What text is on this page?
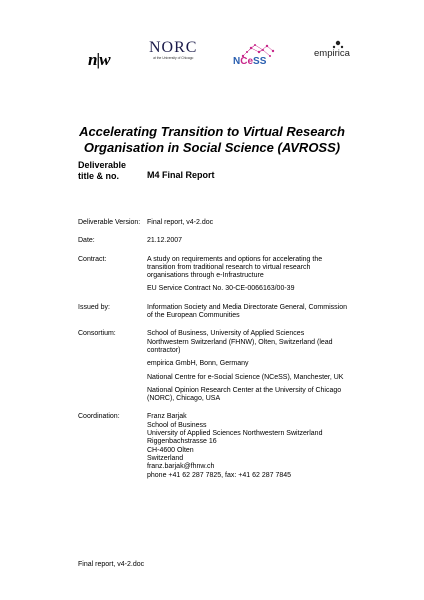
n|w
NORC
at the University of Chicago	NCeSS
empirica
Accelerating Transition to Virtual Research Organisation in Social Science (AVROSS)
Deliverable title & no.	M4 Final Report
Deliverable Version: Final report, v4-2.doc
Date:	21.12.2007
Contract:	A study on requirements and options for accelerating the transition from traditional research to virtual research organisations through e-Infrastructure
EU Service Contract No. 30-CE-0066163/00-39
Issued by:	Information Society and Media Directorate General, Commission of the European Communities
Consortium:	School of Business, University of Applied Sciences Northwestern Switzerland (FHNW), Olten, Switzerland (lead contractor)
empirica GmbH, Bonn, Germany
National Centre for e-Social Science (NCeSS), Manchester, UK
National Opinion Research Center at the University of Chicago (NORC), Chicago, USA
Coordination:	Franz Barjak
School of Business
University of Applied Sciences Northwestern Switzerland
Riggenbachstrasse 16
CH-4600 Olten
Switzerland
franz.barjak@fhnw.ch
phone +41 62 287 7825, fax: +41 62 287 7845
Final report, v4-2.doc
